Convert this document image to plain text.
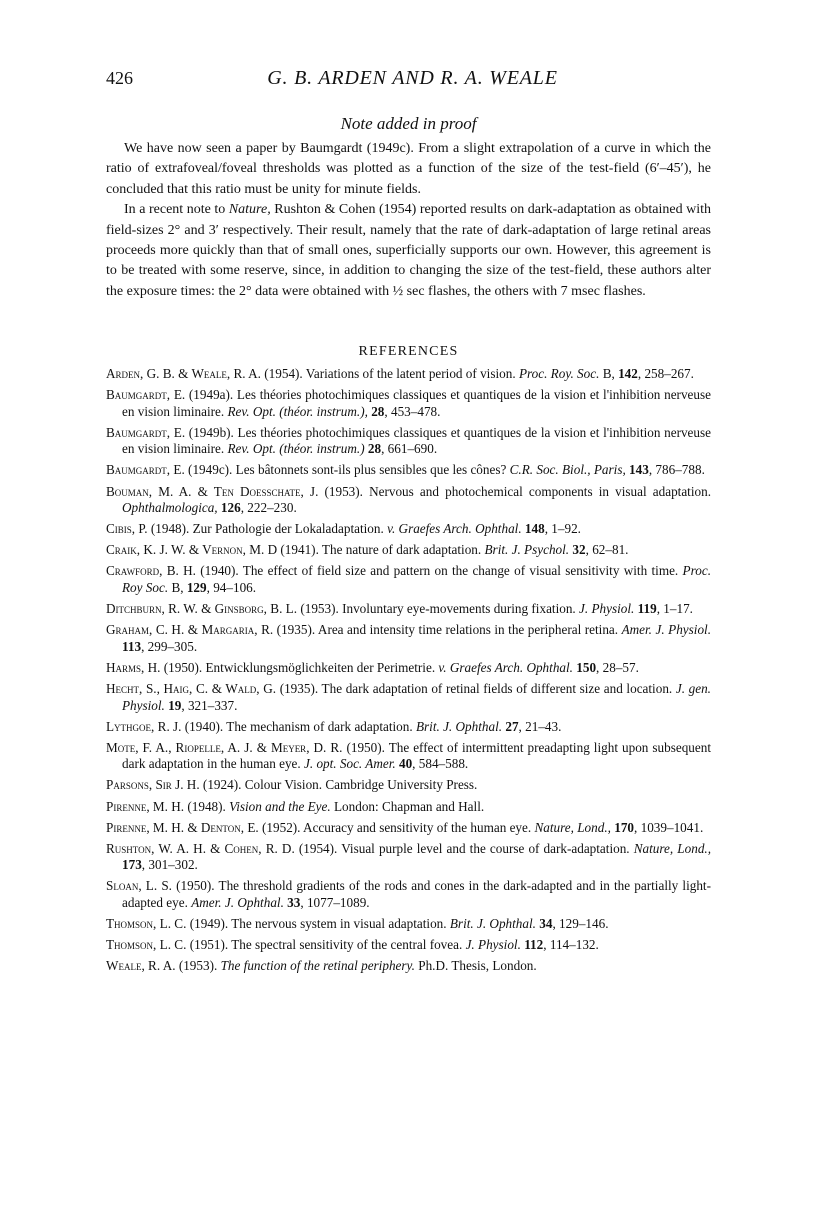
426	G. B. ARDEN AND R. A. WEALE
Note added in proof

We have now seen a paper by Baumgardt (1949c). From a slight extrapolation of a curve in which the ratio of extrafoveal/foveal thresholds was plotted as a function of the size of the test-field (6′–45′), he concluded that this ratio must be unity for minute fields.

In a recent note to Nature, Rushton & Cohen (1954) reported results on dark-adaptation as obtained with field-sizes 2° and 3′ respectively. Their result, namely that the rate of dark-adaptation of large retinal areas proceeds more quickly than that of small ones, superficially supports our own. However, this agreement is to be treated with some reserve, since, in addition to changing the size of the test-field, these authors alter the exposure times: the 2° data were obtained with ½ sec flashes, the others with 7 msec flashes.

REFERENCES
Arden, G. B. & Weale, R. A. (1954). Variations of the latent period of vision. Proc. Roy. Soc. B, 142, 258–267.
Baumgardt, E. (1949a). Les théories photochimiques classiques et quantiques de la vision et l'inhibition nerveuse en vision liminaire. Rev. Opt. (théor. instrum.), 28, 453–478.
Baumgardt, E. (1949b). Les théories photochimiques classiques et quantiques de la vision et l'inhibition nerveuse en vision liminaire. Rev. Opt. (théor. instrum.) 28, 661–690.
Baumgardt, E. (1949c). Les bâtonnets sont-ils plus sensibles que les cônes? C.R. Soc. Biol., Paris, 143, 786–788.
Bouman, M. A. & Ten Doesschate, J. (1953). Nervous and photochemical components in visual adaptation. Ophthalmologica, 126, 222–230.
Cibis, P. (1948). Zur Pathologie der Lokaladaptation. v. Graefes Arch. Ophthal. 148, 1–92.
Craik, K. J. W. & Vernon, M. D (1941). The nature of dark adaptation. Brit. J. Psychol. 32, 62–81.
Crawford, B. H. (1940). The effect of field size and pattern on the change of visual sensitivity with time. Proc. Roy Soc. B, 129, 94–106.
Ditchburn, R. W. & Ginsborg, B. L. (1953). Involuntary eye-movements during fixation. J. Physiol. 119, 1–17.
Graham, C. H. & Margaria, R. (1935). Area and intensity time relations in the peripheral retina. Amer. J. Physiol. 113, 299–305.
Harms, H. (1950). Entwicklungsmöglichkeiten der Perimetrie. v. Graefes Arch. Ophthal. 150, 28–57.
Hecht, S., Haig, C. & Wald, G. (1935). The dark adaptation of retinal fields of different size and location. J. gen. Physiol. 19, 321–337.
Lythgoe, R. J. (1940). The mechanism of dark adaptation. Brit. J. Ophthal. 27, 21–43.
Mote, F. A., Riopelle, A. J. & Meyer, D. R. (1950). The effect of intermittent preadapting light upon subsequent dark adaptation in the human eye. J. opt. Soc. Amer. 40, 584–588.
Parsons, Sir J. H. (1924). Colour Vision. Cambridge University Press.
Pirenne, M. H. (1948). Vision and the Eye. London: Chapman and Hall.
Pirenne, M. H. & Denton, E. (1952). Accuracy and sensitivity of the human eye. Nature, Lond., 170, 1039–1041.
Rushton, W. A. H. & Cohen, R. D. (1954). Visual purple level and the course of dark-adaptation. Nature, Lond., 173, 301–302.
Sloan, L. S. (1950). The threshold gradients of the rods and cones in the dark-adapted and in the partially light-adapted eye. Amer. J. Ophthal. 33, 1077–1089.
Thomson, L. C. (1949). The nervous system in visual adaptation. Brit. J. Ophthal. 34, 129–146.
Thomson, L. C. (1951). The spectral sensitivity of the central fovea. J. Physiol. 112, 114–132.
Weale, R. A. (1953). The function of the retinal periphery. Ph.D. Thesis, London.
